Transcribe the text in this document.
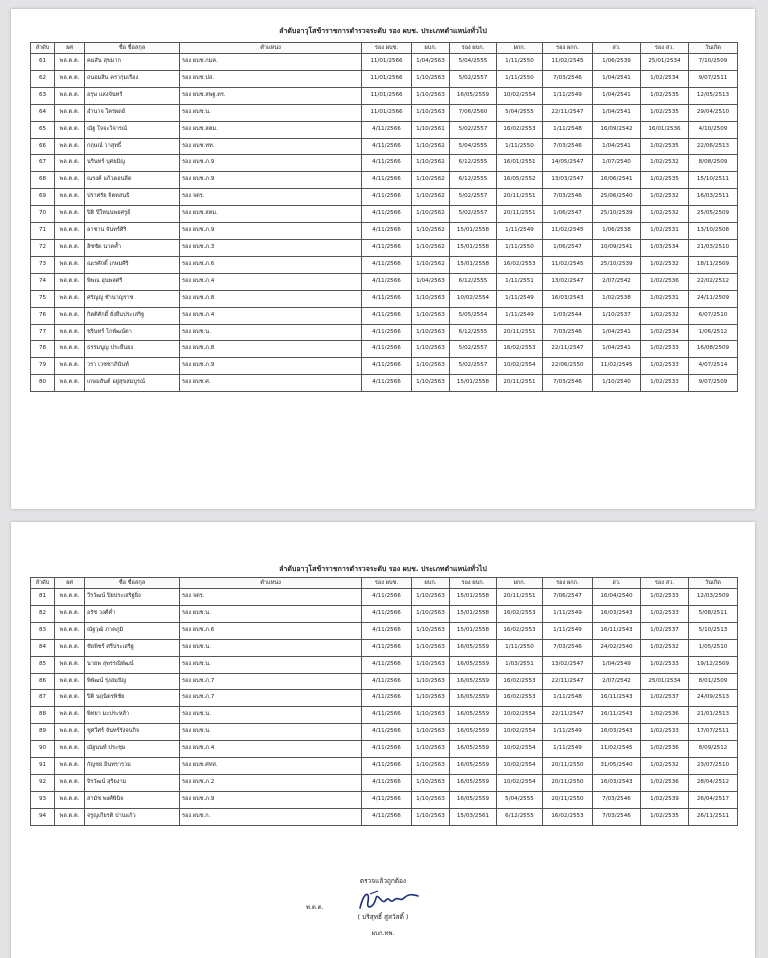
ลำดับอาวุโสข้าราชการตำรวจระดับ รอง ผบช. ประเภทตำแหน่งทั่วไป
ลำดับ	ยศ	ชื่อ ชื่อสกุล	ตำแหน่ง	รอง ผบช.	ผบก.	รอง ผบก.	ผกก.	รอง ผกก.	สว.	รอง สว.	วันเกิด
61	พล.ต.ต.	คมสัน สุขมาก	รอง ผบช.กมค.	11/01/2566	1/04/2563	5/04/2555	1/11/2550	11/02/2545	1/06/2539	25/01/2534	7/10/2509
62	พล.ต.ต.	ถนอมสิน ครากุ่มเรือง	รอง ผบช.ปส.	11/01/2566	1/10/2563	5/02/2557	1/11/2550	7/03/2546	1/04/2541	1/02/2534	9/07/2511
63	พล.ต.ต.	อรุษ แสงจันทร์	รอง ผบช.สพฐ.ตร.	11/01/2566	1/10/2563	16/05/2559	10/02/2554	1/11/2549	1/04/2541	1/02/2535	12/05/2513
64	พล.ต.ต.	อำนาจ ใคร่ผดย์	รอง ผบช.น.	11/01/2566	1/10/2563	7/06/2560	5/04/2555	22/11/2547	1/04/2541	1/02/2535	29/04/2510
65	พล.ต.ต.	ณัฐ ใจจะวิจารณ์	รอง ผบช.สตม.	4/11/2566	1/10/2561	5/02/2557	16/02/2553	1/11/2548	16/09/2542	16/01/2536	4/10/2509
66	พล.ต.ต.	กฤษณ์ วาสุทธิ์	รอง ผบช.ทท.	4/11/2566	1/10/2562	5/04/2555	1/11/2550	7/03/2546	1/04/2541	1/02/2535	22/06/2513
67	พล.ต.ต.	นรินทร์ บุศยมิญ	รอง ผบช.ภ.9	4/11/2566	1/10/2562	6/12/2555	16/01/2551	14/05/2547	1/07/2540	1/02/2532	8/08/2509
68	พล.ต.ต.	ณรงค์ แก้วดอนลีด	รอง ผบช.ภ.9	4/11/2566	1/10/2562	6/12/2555	16/05/2552	13/03/2547	16/06/2541	1/02/2535	15/10/2511
69	พล.ต.ต.	ปราศรัย จิตตสนธิ	รอง จตร.	4/11/2566	1/10/2562	5/02/2557	20/11/2551	7/03/2546	25/06/2540	1/02/2532	16/03/2511
70	พล.ต.ต.	ปิติ ปีใหนนพยศรูย์	รอง ผบช.สตม.	4/11/2566	1/10/2562	5/02/2557	20/11/2551	1/06/2547	25/10/2539	1/02/2532	25/05/2509
71	พล.ต.ต.	อาชาน จันทร์ศิริ	รอง ผบช.ภ.9	4/11/2566	1/10/2562	15/01/2558	1/11/2549	11/02/2545	1/06/2538	1/02/2531	13/10/2508
72	พล.ต.ต.	ฮิซซัด นาคค้ำ	รอง ผบช.ภ.3	4/11/2566	1/10/2562	15/01/2558	1/11/2550	1/06/2547	10/09/2541	1/03/2534	21/03/2510
73	พล.ต.ต.	ณเรศักดิ์ เกษมศิริ	รอง ผบช.ภ.6	4/11/2566	1/10/2562	15/01/2558	16/02/2553	11/02/2545	25/10/2539	1/02/2532	18/11/2509
74	พล.ต.ต.	พิพณ อุ่นพลศรี	รอง ผบช.ภ.4	4/11/2566	1/04/2563	6/12/2555	1/11/2551	13/02/2547	2/07/2542	1/02/2536	22/02/2512
75	พล.ต.ต.	ศรัญญู ชำนาญราช	รอง ผบช.ภ.8	4/11/2566	1/10/2563	10/02/2554	1/11/2549	16/03/2543	1/02/2538	1/02/2531	24/11/2509
76	พล.ต.ต.	กิตติศักดิ์ ยั่งยืนประเสริฐ	รอง ผบช.ภ.4	4/11/2566	1/10/2563	5/05/2554	1/11/2549	1/03/2544	1/10/2537	1/02/2532	6/07/2510
77	พล.ต.ต.	ชรินทร์ โกพัฒน์ตา	รอง ผบช.น.	4/11/2566	1/10/2563	6/12/2555	20/11/2551	7/03/2546	1/04/2541	1/02/2534	1/06/2512
78	พล.ต.ต.	ธรรมนูญ ประยืนยง	รอง ผบช.ภ.8	4/11/2566	1/10/2563	5/02/2557	16/02/2553	22/11/2547	1/04/2541	1/02/2533	16/08/2509
79	พล.ต.ต.	วรา เวชชาภินันท์	รอง ผบช.ภ.9	4/11/2566	1/10/2563	5/02/2557	10/02/2554	22/06/2550	11/02/2545	1/02/2533	4/07/2514
80	พล.ต.ต.	เกษมสันต์ อยู่สุขสมบูรณ์	รอง ผบช.ศ.	4/11/2566	1/10/2563	15/01/2558	20/11/2551	7/03/2546	1/10/2540	1/02/2533	9/07/2509
ลำดับอาวุโสข้าราชการตำรวจระดับ รอง ผบช. ประเภทตำแหน่งทั่วไป
ลำดับ	ยศ	ชื่อ ชื่อสกุล	ตำแหน่ง	รอง ผบช.	ผบก.	รอง ผบก.	ผกก.	รอง ผกก.	สว.	รอง สว.	วันเกิด
81	พล.ต.ต.	วีรวัฒน์ ปิยประเสริฐยิ่ง	รอง จตร.	4/11/2566	1/10/2563	15/01/2558	20/11/2551	7/06/2547	16/04/2540	1/02/2533	12/03/2509
82	พล.ต.ต.	อรัช วงศ์ค่ำ	รอง ผบช.น.	4/11/2566	1/10/2563	15/01/2558	16/02/2553	1/11/2549	16/03/2543	1/02/2533	5/08/2511
83	พล.ต.ต.	ณัฐวุฒิ ภาคภูมิ	รอง ผบช.ภ.6	4/11/2566	1/10/2563	15/01/2558	16/02/2553	1/11/2549	16/11/2543	1/02/2537	5/10/2513
84	พล.ต.ต.	ชัยพิชร์ ศรีประเสริฐ	รอง ผบช.น.	4/11/2566	1/10/2563	16/05/2559	1/11/2550	7/03/2546	24/02/2540	1/02/2532	1/05/2510
85	พล.ต.ต.	นายพ สุพรรณิพัฒน์	รอง ผบช.น.	4/11/2566	1/10/2563	16/05/2559	1/03/2551	13/02/2547	1/04/2549	1/02/2533	19/12/2509
86	พล.ต.ต.	พิพัฒน์ รุ่งสมปัญ	รอง ผบช.ภ.7	4/11/2566	1/10/2563	16/05/2559	16/02/2553	22/11/2547	2/07/2542	25/01/2534	8/01/2509
87	พล.ต.ต.	ปิติ นฤนิตรพิชัย	รอง ผบช.ภ.7	4/11/2566	1/10/2563	16/05/2559	16/02/2553	1/11/2548	16/11/2543	1/02/2537	24/09/2513
88	พล.ต.ต.	พิทยา มะประหล้า	รอง ผบช.น.	4/11/2566	1/10/2563	16/05/2559	10/02/2554	22/11/2547	16/11/2543	1/02/2536	21/01/2513
89	พล.ต.ต.	ชูศวีศร์ จันทร์รังจนกิจ	รอง ผบช.น.	4/11/2566	1/10/2563	16/05/2559	10/02/2554	1/11/2549	16/03/2543	1/02/2533	17/07/2511
90	พล.ต.ต.	ณัฐนนท์ ประชุม	รอง ผบช.ภ.4	4/11/2566	1/10/2563	16/05/2559	10/02/2554	1/11/2549	11/02/2545	1/02/2536	8/09/2512
91	พล.ต.ต.	กัญชย อินทรารวม	รอง ผบช.ศทส.	4/11/2566	1/10/2563	16/05/2559	10/02/2554	20/11/2550	31/05/2540	1/02/2532	23/07/2510
92	พล.ต.ต.	จิรวัฒน์ สุริยงาม	รอง ผบช.ภ.2	4/11/2566	1/10/2563	16/05/2559	10/02/2554	20/11/2550	16/03/2543	1/02/2536	28/04/2512
93	พล.ต.ต.	สามัช พงศ์พินิจ	รอง ผบช.ภ.9	4/11/2566	1/10/2563	16/05/2559	5/04/2555	20/11/2550	7/03/2546	1/02/2539	26/04/2517
94	พล.ต.ต.	จรูญเกียรติ ปานแก้ว	รอง ผบช.ก.	4/11/2566	1/10/2563	15/03/2561	6/12/2555	16/02/2553	7/03/2546	1/02/2535	26/11/2511
ตรวจแล้วถูกต้อง
พ.ต.ต.
( บริสุทธิ์ สู่สวัสดิ์ )
ผบก.ทพ.
